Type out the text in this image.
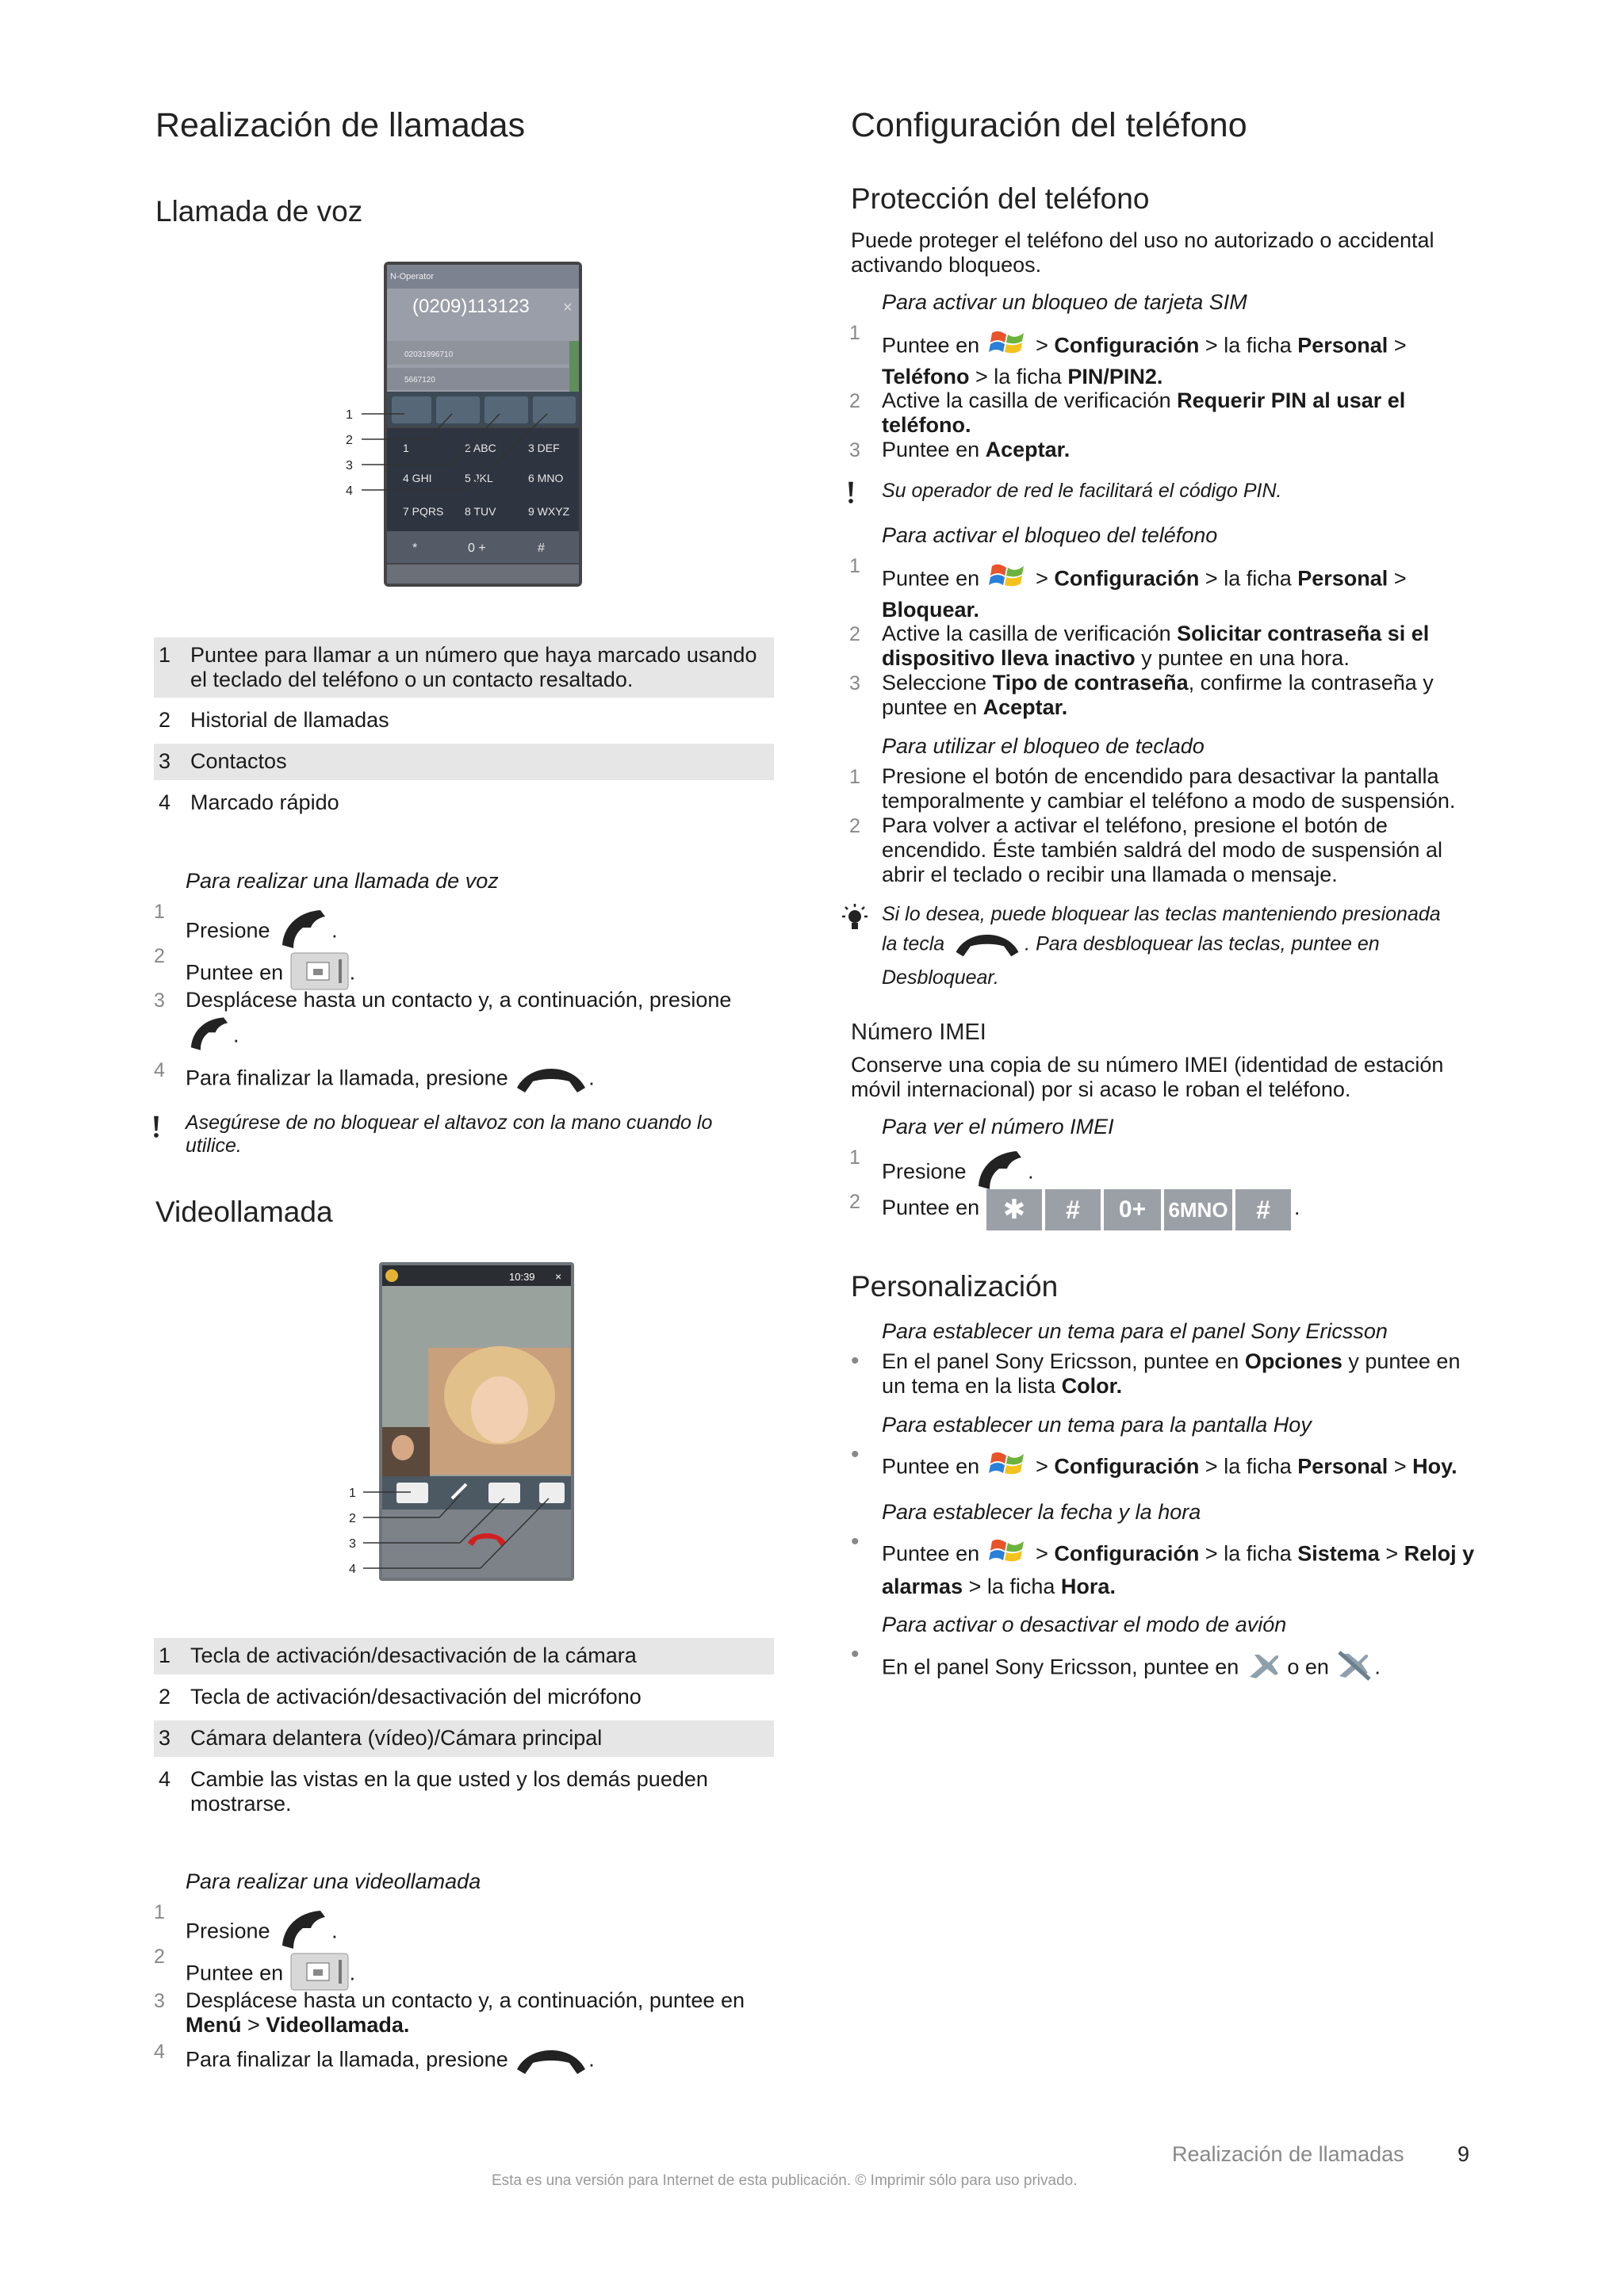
Realización de llamadas
Llamada de voz
N-Operator
(0209)113123 ×
02031996710
5667120
1	2 ABC	3 DEF
4 GHI	5 JKL	6 MNO
7 PQRS 8 TUV	9 WXYZ
*	0 +	#
1
2
3
4
1 Puntee para llamar a un número que haya marcado usando el teclado del teléfono o un contacto resaltado.
2 Historial de llamadas
3 Contactos
4 Marcado rápido
Para realizar una llamada de voz
1
Presione	.
2
Puntee en	.
3 Desplácese hasta un contacto y, a continuación, presione
.
4 Para finalizar la llamada, presione	.
Asegúrese de no bloquear el altavoz con la mano cuando lo utilice.
Videollamada
10:39 ×
1
2
3
4
1 Tecla de activación/desactivación de la cámara
2 Tecla de activación/desactivación del micrófono
3 Cámara delantera (vídeo)/Cámara principal
4 Cambie las vistas en la que usted y los demás pueden mostrarse.
Para realizar una videollamada
1
Presione	.
2
Puntee en	.
3 Desplácese hasta un contacto y, a continuación, puntee en
Menú > Videollamada.
4 Para finalizar la llamada, presione	.
Configuración del teléfono
Protección del teléfono
Puede proteger el teléfono del uso no autorizado o accidental activando bloqueos.
Para activar un bloqueo de tarjeta SIM
1
Puntee en	> Configuración > la ficha Personal >
Teléfono > la ficha PIN/PIN2.
2 Active la casilla de verificación Requerir PIN al usar el teléfono.
3 Puntee en Aceptar.
Su operador de red le facilitará el código PIN.
Para activar el bloqueo del teléfono
1
Puntee en	> Configuración > la ficha Personal >
Bloquear.
2 Active la casilla de verificación Solicitar contraseña si el dispositivo lleva inactivo y puntee en una hora.
3 Seleccione Tipo de contraseña, confirme la contraseña y puntee en Aceptar.
Para utilizar el bloqueo de teclado
1 Presione el botón de encendido para desactivar la pantalla temporalmente y cambiar el teléfono a modo de suspensión.
2 Para volver a activar el teléfono, presione el botón de encendido. Éste también saldrá del modo de suspensión al abrir el teclado o recibir una llamada o mensaje.
Si lo desea, puede bloquear las teclas manteniendo presionada
la tecla	. Para desbloquear las teclas, puntee en
Desbloquear.
Número IMEI
Conserve una copia de su número IMEI (identidad de estación móvil internacional) por si acaso le roban el teléfono.
Para ver el número IMEI
1
Presione	.
2 Puntee en ✱	#	0+	6MNO	#	.
Personalización
Para establecer un tema para el panel Sony Ericsson
• En el panel Sony Ericsson, puntee en Opciones y puntee en un tema en la lista Color.
Para establecer un tema para la pantalla Hoy
• Puntee en	> Configuración > la ficha Personal > Hoy.
Para establecer la fecha y la hora
• Puntee en	> Configuración > la ficha Sistema > Reloj y
alarmas > la ficha Hora.
Para activar o desactivar el modo de avión
• En el panel Sony Ericsson, puntee en o en .
Realización de llamadas 9
Esta es una versión para Internet de esta publicación. © Imprimir sólo para uso privado.
